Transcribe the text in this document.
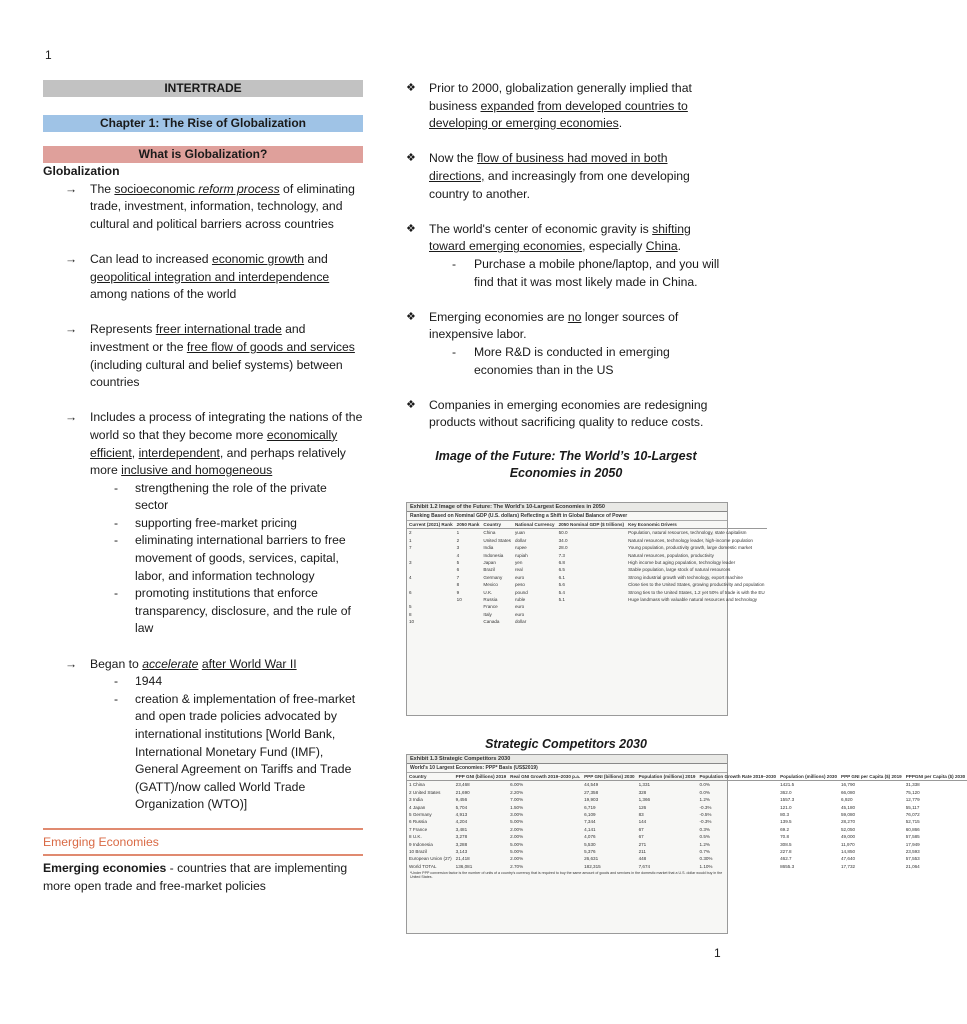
1
INTERTRADE
Chapter 1: The Rise of Globalization
What is Globalization?
Globalization
→ The socioeconomic reform process of eliminating trade, investment, information, technology, and cultural and political barriers across countries
→ Can lead to increased economic growth and geopolitical integration and interdependence among nations of the world
→ Represents freer international trade and investment or the free flow of goods and services (including cultural and belief systems) between countries
→ Includes a process of integrating the nations of the world so that they become more economically efficient, interdependent, and perhaps relatively more inclusive and homogeneous
- strengthening the role of the private sector
- supporting free-market pricing
- eliminating international barriers to free movement of goods, services, capital, labor, and information technology
- promoting institutions that enforce transparency, disclosure, and the rule of law
→ Began to accelerate after World War II
- 1944
- creation & implementation of free-market and open trade policies advocated by international institutions [World Bank, International Monetary Fund (IMF), General Agreement on Tariffs and Trade (GATT)/now called World Trade Organization (WTO)]
Emerging Economies
Emerging economies - countries that are implementing more open trade and free-market policies
❖ Prior to 2000, globalization generally implied that business expanded from developed countries to developing or emerging economies.
❖ Now the flow of business had moved in both directions, and increasingly from one developing country to another.
❖ The world's center of economic gravity is shifting toward emerging economies, especially China.
- Purchase a mobile phone/laptop, and you will find that it was most likely made in China.
❖ Emerging economies are no longer sources of inexpensive labor.
- More R&D is conducted in emerging economies than in the US
❖ Companies in emerging economies are redesigning products without sacrificing quality to reduce costs.
Image of the Future: The World’s 10-Largest Economies in 2050
Exhibit 1.2 Image of the Future: The World's 10-Largest Economies in 2050
Ranking Based on Nominal GDP (U.S. dollars) Reflecting a Shift in Global Balance of Power
Current (2021) Rank	2050 Rank	Country	National Currency	2050 Nominal GDP ($ trillions)	Key Economic Drivers
2	1	China	yuan	50.0	Population, natural resources, technology, state capitalism
1	2	United States	dollar	34.0	Natural resources, technology leader, high-income population
7	3	India	rupee	28.0	Young population, productivity growth, large domestic market
	4	Indonesia	rupiah	7.3	Natural resources, population, productivity
3	5	Japan	yen	6.8	High income but aging population, technology leader
	6	Brazil	real	6.5	Stable population, large stock of natural resources
4	7	Germany	euro	6.1	Strong industrial growth with technology, export machine
	8	Mexico	peso	5.6	Close ties to the United States, growing productivity and population
6	9	U.K.	pound	5.4	Strong ties to the United States, 1.2 yet 50% of trade is with the EU
	10	Russia	ruble	5.1	Huge landmass with valuable natural resources and technology
5		France	euro		
8		Italy	euro		
10		Canada	dollar		
Strategic Competitors 2030
Exhibit 1.3 Strategic Competitors 2030
World's 10 Largest Economies: PPP* Basis (US$2019)
Country	PPP GNI (billions) 2019	Real GNI Growth 2019–2030 p.a.	PPP GNI (billions) 2030	Population (millions) 2019	Population Growth Rate 2019–2030	Population (millions) 2030	PPP GNI per Capita ($) 2019	PPPGNI per Capita ($) 2030
1 China	23,468	6.00%	44,549	1,331	0.0%	1421.5	16,790	31,338
2 United States	21,690	2.20%	27,358	328	0.0%	362.0	66,080	75,120
3 India	9,456	7.00%	19,903	1,366	1.2%	1557.3	6,920	12,779
4 Japan	5,704	1.50%	6,719	126	-0.3%	121.0	45,180	55,117
5 Germany	4,913	3.00%	6,109	83	-0.5%	80.3	59,080	76,072
6 Russia	4,204	5.00%	7,344	144	-0.3%	139.5	28,270	52,715
7 France	3,481	2.00%	4,141	67	0.3%	69.2	52,050	60,866
8 U.K.	3,278	2.00%	4,076	67	0.5%	70.8	49,000	57,585
9 Indonesia	3,288	5.00%	5,530	271	1.2%	308.5	11,970	17,949
10 Brazil	3,143	5.00%	5,376	211	0.7%	227.8	14,850	23,593
European Union (27)	21,418	2.00%	26,631	448	0.30%	462.7	47,640	57,553
World TOTAL	136,081	2.70%	182,315	7,674	1.10%	8655.3	17,732	21,064
*Under PPP conversion factor is the number of units of a country's currency that is required to buy the same amount of goods and services in the domestic market that a U.S. dollar would buy in the United States.
1
